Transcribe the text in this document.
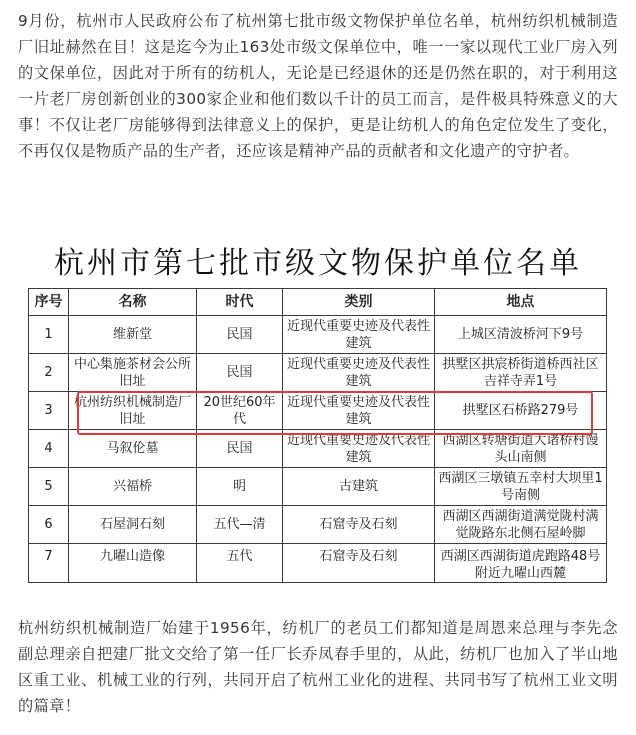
9月份，杭州市人民政府公布了杭州第七批市级文物保护单位名单，杭州纺织机械制造厂旧址赫然在目！这是迄今为止163处市级文保单位中，唯一一家以现代工业厂房入列的文保单位，因此对于所有的纺机人，无论是已经退休的还是仍然在职的，对于利用这一片老厂房创新创业的300家企业和他们数以千计的员工而言，是件极具特殊意义的大事！不仅让老厂房能够得到法律意义上的保护，更是让纺机人的角色定位发生了变化，不再仅仅是物质产品的生产者，还应该是精神产品的贡献者和文化遗产的守护者。

杭州市第七批市级文物保护单位名单
序号	名称	时代	类别	地点
1	维新堂	民国	近现代重要史迹及代表性建筑	上城区清波桥河下9号
2	中心集施茶材会公所旧址	民国	近现代重要史迹及代表性建筑	拱墅区拱宸桥街道桥西社区吉祥寺弄1号
3	杭州纺织机械制造厂旧址	20世纪60年代	近现代重要史迹及代表性建筑	拱墅区石桥路279号
4	马叙伦墓	民国	近现代重要史迹及代表性建筑	西湖区转塘街道大诸桥村馒头山南侧
5	兴福桥	明	古建筑	西湖区三墩镇五幸村大坝里1号南侧
6	石屋洞石刻	五代—清	石窟寺及石刻	西湖区西湖街道满觉陇村满觉陇路东北侧石屋岭脚
7	九曜山造像	五代	石窟寺及石刻	西湖区西湖街道虎跑路48号附近九曜山西麓

杭州纺织机械制造厂始建于1956年，纺机厂的老员工们都知道是周恩来总理与李先念副总理亲自把建厂批文交给了第一任厂长乔凤春手里的，从此，纺机厂也加入了半山地区重工业、机械工业的行列，共同开启了杭州工业化的进程、共同书写了杭州工业文明的篇章！
